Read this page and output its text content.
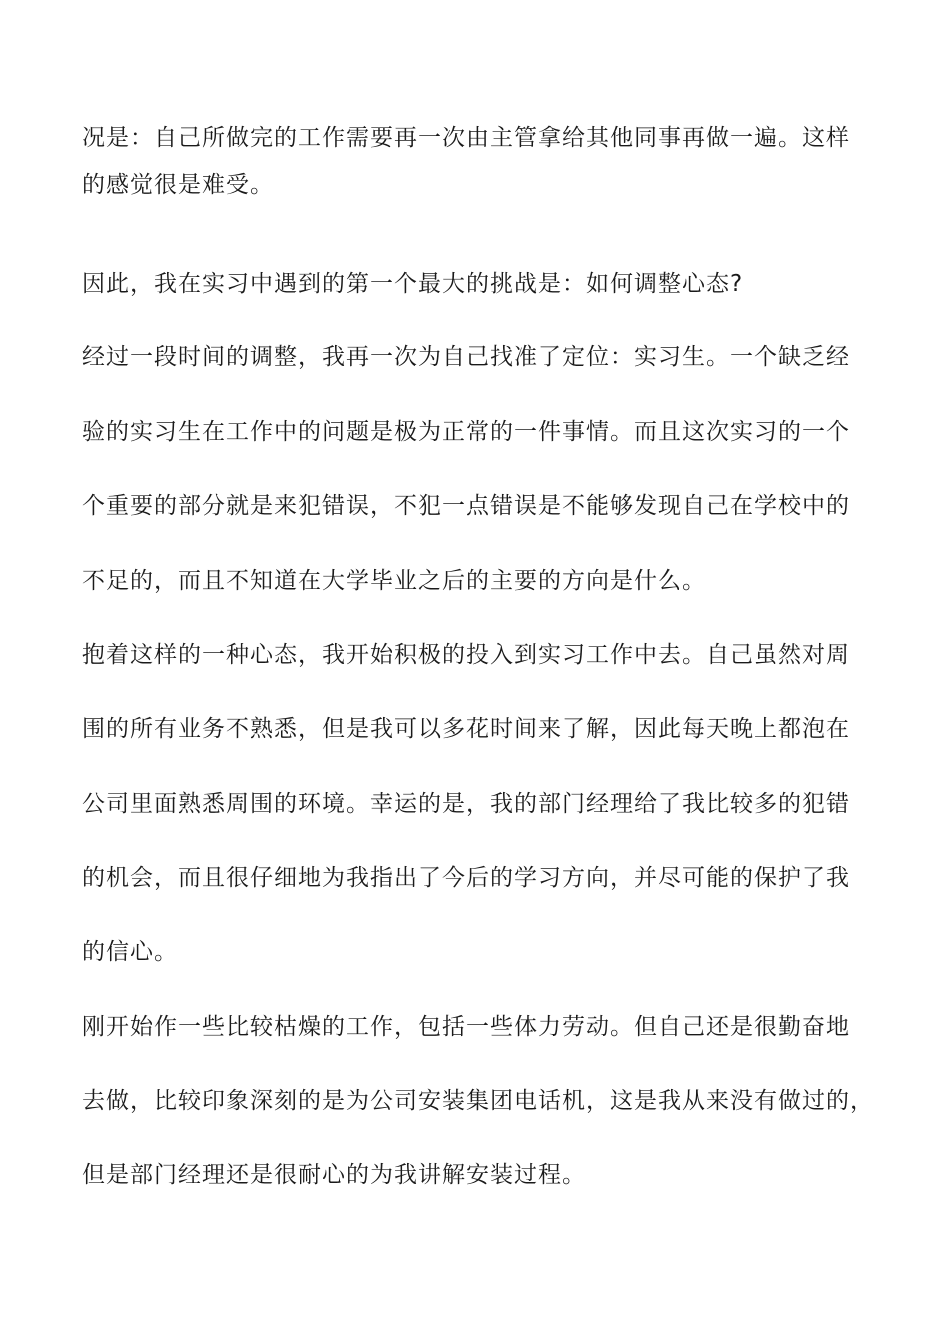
况是：自己所做完的工作需要再一次由主管拿给其他同事再做一遍。这样
的感觉很是难受。
因此，我在实习中遇到的第一个最大的挑战是：如何调整心态?
经过一段时间的调整，我再一次为自己找准了定位：实习生。一个缺乏经
验的实习生在工作中的问题是极为正常的一件事情。而且这次实习的一个
个重要的部分就是来犯错误，不犯一点错误是不能够发现自己在学校中的
不足的，而且不知道在大学毕业之后的主要的方向是什么。
抱着这样的一种心态，我开始积极的投入到实习工作中去。自己虽然对周
围的所有业务不熟悉，但是我可以多花时间来了解，因此每天晚上都泡在
公司里面熟悉周围的环境。幸运的是，我的部门经理给了我比较多的犯错
的机会，而且很仔细地为我指出了今后的学习方向，并尽可能的保护了我
的信心。
刚开始作一些比较枯燥的工作，包括一些体力劳动。但自己还是很勤奋地
去做，比较印象深刻的是为公司安装集团电话机，这是我从来没有做过的，
但是部门经理还是很耐心的为我讲解安装过程。
